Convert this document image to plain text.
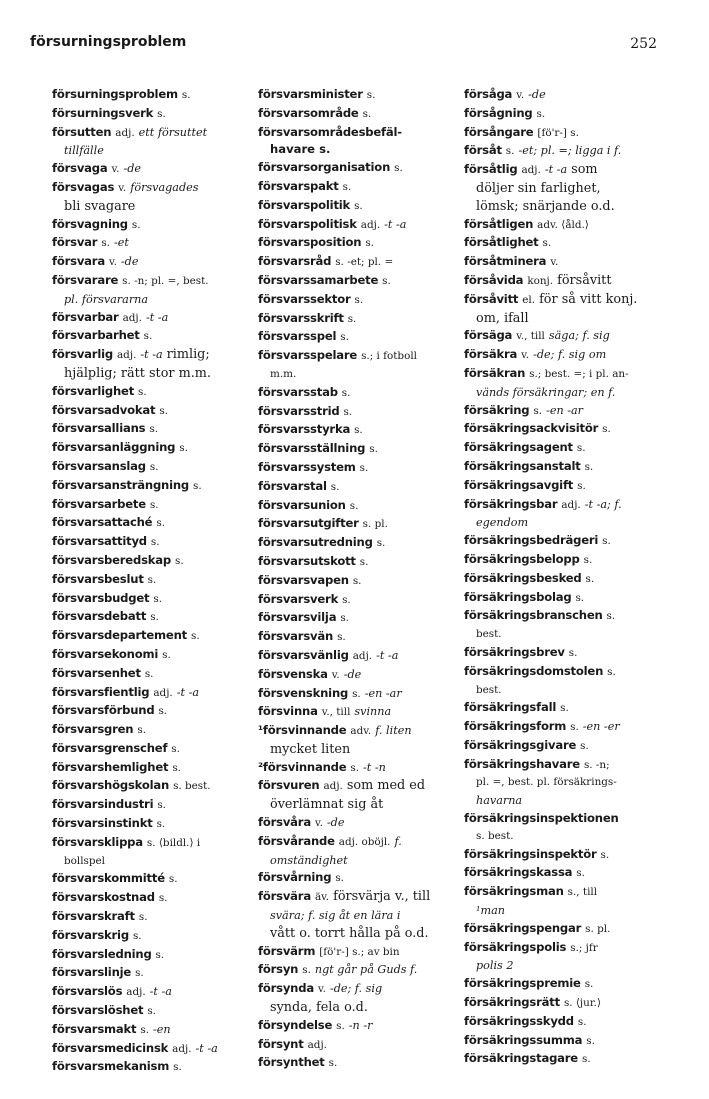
försurningsproblem	252
försurningsproblem s.
försurningsverk s.
försutten adj. ett försuttet
tillfälle
försvaga v. -de
försvagas v. försvagades
bli svagare
försvagning s.
försvar s. -et
försvara v. -de
försvarare s. -n; pl. =, best.
pl. försvararna
försvarbar adj. -t -a
försvarbarhet s.
försvarlig adj. -t -a rimlig;
hjälplig; rätt stor m.m.
försvarlighet s.
försvarsadvokat s.
försvarsallians s.
försvarsanläggning s.
försvarsanslag s.
försvarsansträngning s.
försvarsarbete s.
försvarsattaché s.
försvarsattityd s.
försvarsberedskap s.
försvarsbeslut s.
försvarsbudget s.
försvarsdebatt s.
försvarsdepartement s.
försvarsekonomi s.
försvarsenhet s.
försvarsfientlig adj. -t -a
försvarsförbund s.
försvarsgren s.
försvarsgrenschef s.
försvarshemlighet s.
försvarshögskolan s. best.
försvarsindustri s.
försvarsinstinkt s.
försvarsklippa s. ⟨bildl.⟩ i
bollspel
försvarskommitté s.
försvarskostnad s.
försvarskraft s.
försvarskrig s.
försvarsledning s.
försvarslinje s.
försvarslös adj. -t -a
försvarslöshet s.
försvarsmakt s. -en
försvarsmedicinsk adj. -t -a
försvarsmekanism s.
försvarsminister s.
försvarsområde s.
försvarsområdesbefäl-
havare s.
försvarsorganisation s.
försvarspakt s.
försvarspolitik s.
försvarspolitisk adj. -t -a
försvarsposition s.
försvarsråd s. -et; pl. =
försvarssamarbete s.
försvarssektor s.
försvarsskrift s.
försvarsspel s.
försvarsspelare s.; i fotboll
m.m.
försvarsstab s.
försvarsstrid s.
försvarsstyrka s.
försvarsställning s.
försvarssystem s.
försvarstal s.
försvarsunion s.
försvarsutgifter s. pl.
försvarsutredning s.
försvarsutskott s.
försvarsvapen s.
försvarsverk s.
försvarsvilja s.
försvarsvän s.
försvarsvänlig adj. -t -a
försvenska v. -de
försvenskning s. -en -ar
försvinna v., till svinna
¹försvinnande adv. f. liten
mycket liten
²försvinnande s. -t -n
försvuren adj. som med ed
överlämnat sig åt
försvåra v. -de
försvårande adj. oböjl. f.
omständighet
försvårning s.
försvära äv. försvärja v., till
svära; f. sig åt en lära i
vått o. torrt hålla på o.d.
försvärm [fö'r-] s.; av bin
försyn s. ngt går på Guds f.
försynda v. -de; f. sig
synda, fela o.d.
försyndelse s. -n -r
försynt adj.
försynthet s.
försåga v. -de
försågning s.
försångare [fö'r-] s.
försåt s. -et; pl. =; ligga i f.
försåtlig adj. -t -a som
döljer sin farlighet,
lömsk; snärjande o.d.
försåtligen adv. ⟨åld.⟩
försåtlighet s.
försåtminera v.
försåvida konj. försåvitt
försåvitt el. för så vitt konj.
om, ifall
försäga v., till säga; f. sig
försäkra v. -de; f. sig om
försäkran s.; best. =; i pl. an-
vänds försäkringar; en f.
försäkring s. -en -ar
försäkringsackvisitör s.
försäkringsagent s.
försäkringsanstalt s.
försäkringsavgift s.
försäkringsbar adj. -t -a; f.
egendom
försäkringsbedrägeri s.
försäkringsbelopp s.
försäkringsbesked s.
försäkringsbolag s.
försäkringsbranschen s.
best.
försäkringsbrev s.
försäkringsdomstolen s.
best.
försäkringsfall s.
försäkringsform s. -en -er
försäkringsgivare s.
försäkringshavare s. -n;
pl. =, best. pl. försäkrings-
havarna
försäkringsinspektionen
s. best.
försäkringsinspektör s.
försäkringskassa s.
försäkringsman s., till
¹man
försäkringspengar s. pl.
försäkringspolis s.; jfr
polis 2
försäkringspremie s.
försäkringsrätt s. ⟨jur.⟩
försäkringsskydd s.
försäkringssumma s.
försäkringstagare s.
